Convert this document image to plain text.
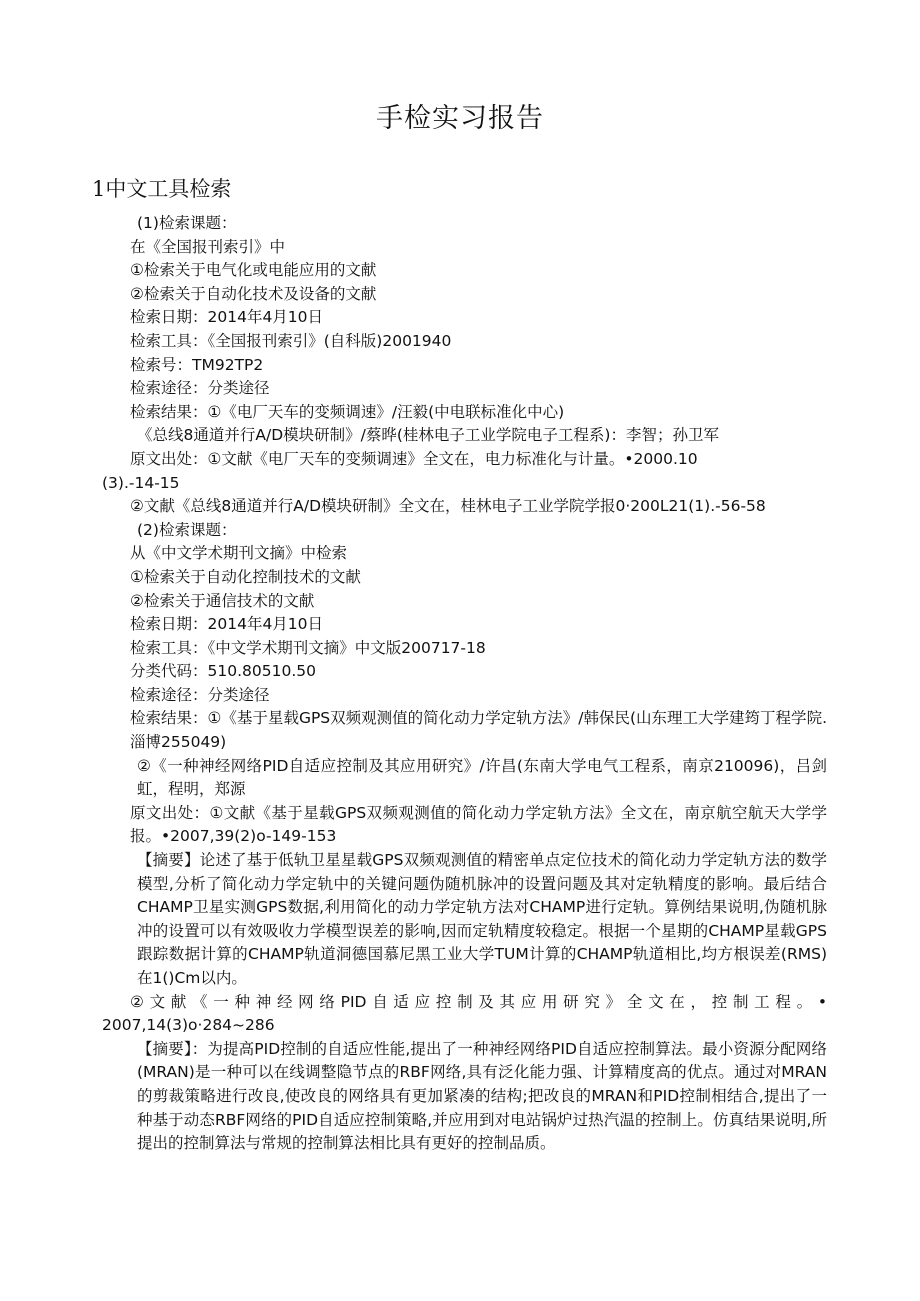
手检实习报告
1中文工具检索
(1)检索课题：
在《全国报刊索引》中
①检索关于电气化或电能应用的文献
②检索关于自动化技术及设备的文献
检索日期：2014年4月10日
检索工具：《全国报刊索引》(自科版)2001940
检索号：TM92TP2
检索途径：分类途径
检索结果：①《电厂天车的变频调速》/汪毅(中电联标准化中心)
《总线8通道并行A/D模块研制》/蔡晔(桂林电子工业学院电子工程系)：李智；孙卫军
原文出处：①文献《电厂天车的变频调速》全文在，电力标准化与计量。•2000.10
(3).-14-15
②文献《总线8通道并行A/D模块研制》全文在，桂林电子工业学院学报0·200L21(1).-56-58
(2)检索课题：
从《中文学术期刊文摘》中检索
①检索关于自动化控制技术的文献
②检索关于通信技术的文献
检索日期：2014年4月10日
检索工具：《中文学术期刊文摘》中文版200717-18
分类代码：510.80510.50
检索途径：分类途径
检索结果：①《基于星载GPS双频观测值的简化动力学定轨方法》/韩保民(山东理工大学建筠丁程学院.淄博255049)
②《一种神经网络PID自适应控制及其应用研究》/许昌(东南大学电气工程系，南京210096)，吕剑虹，程明，郑源
原文出处：①文献《基于星载GPS双频观测值的简化动力学定轨方法》全文在，南京航空航天大学学报。•2007,39(2)o-149-153
【摘要】论述了基于低轨卫星星载GPS双频观测值的精密单点定位技术的简化动力学定轨方法的数学模型,分析了简化动力学定轨中的关键问题伪随机脉冲的设置问题及其对定轨精度的影响。最后结合CHAMP卫星实测GPS数据,利用简化的动力学定轨方法对CHAMP进行定轨。算例结果说明,伪随机脉冲的设置可以有效吸收力学模型误差的影响,因而定轨精度较稳定。根据一个星期的CHAMP星载GPS跟踪数据计算的CHAMP轨道洞德国慕尼黑工业大学TUM计算的CHAMP轨道相比,均方根误差(RMS)在1()Cm以内。
②文献《一种神经网络PID自适应控制及其应用研究》全文在，控制工程。•
2007,14(3)o·284~286
【摘要】：为提高PID控制的自适应性能,提出了一种神经网络PID自适应控制算法。最小资源分配网络(MRAN)是一种可以在线调整隐节点的RBF网络,具有泛化能力强、计算精度高的优点。通过对MRAN的剪裁策略进行改良,使改良的网络具有更加紧凑的结构;把改良的MRAN和PID控制相结合,提出了一种基于动态RBF网络的PID自适应控制策略,并应用到对电站锅炉过热汽温的控制上。仿真结果说明,所提出的控制算法与常规的控制算法相比具有更好的控制品质。
